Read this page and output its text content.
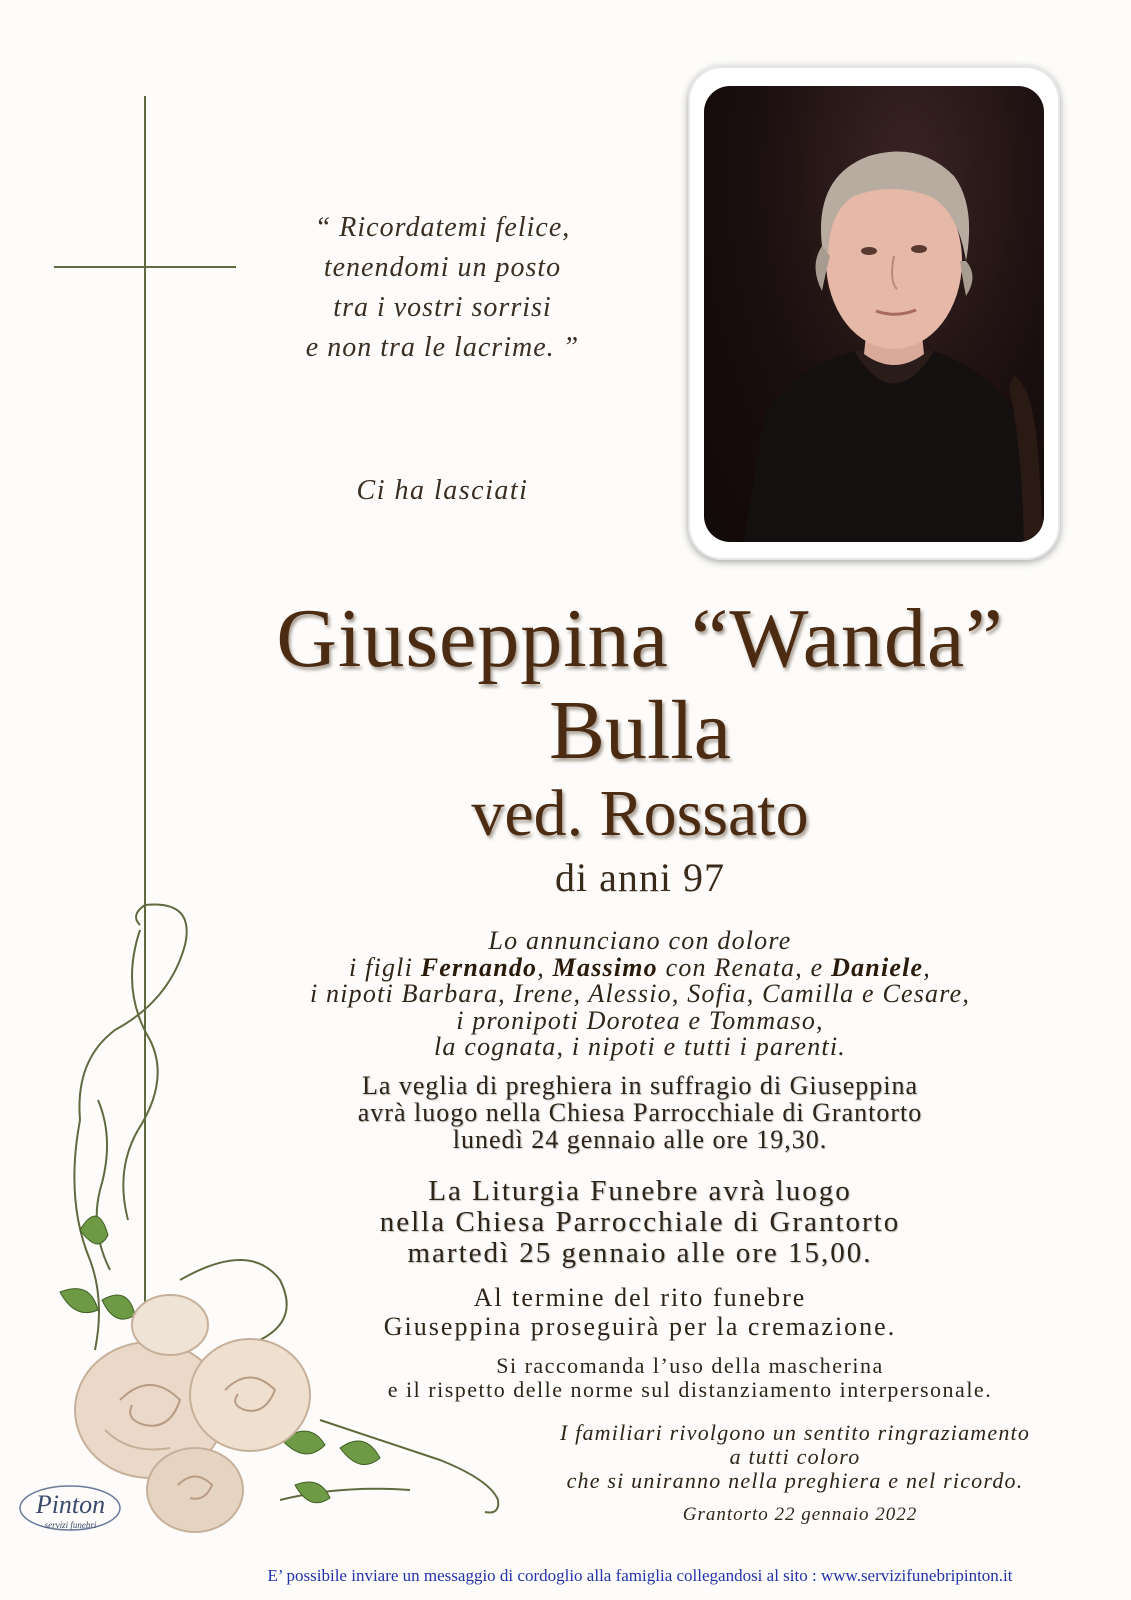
“ Ricordatemi felice,
tenendomi un posto
tra i vostri sorrisi
e non tra le lacrime. ”
Ci ha lasciati
Giuseppina “Wanda”
Bulla
ved. Rossato
di anni 97
Lo annunciano con dolore
i figli Fernando, Massimo con Renata, e Daniele,
i nipoti Barbara, Irene, Alessio, Sofia, Camilla e Cesare,
i pronipoti Dorotea e Tommaso,
la cognata, i nipoti e tutti i parenti.
La veglia di preghiera in suffragio di Giuseppina
avrà luogo nella Chiesa Parrocchiale di Grantorto
lunedì 24 gennaio alle ore 19,30.
La Liturgia Funebre avrà luogo
nella Chiesa Parrocchiale di Grantorto
martedì 25 gennaio alle ore 15,00.
Al termine del rito funebre
Giuseppina proseguirà per la cremazione.
Si raccomanda l’uso della mascherina
e il rispetto delle norme sul distanziamento interpersonale.
I familiari rivolgono un sentito ringraziamento
a tutti coloro
che si uniranno nella preghiera e nel ricordo.
Grantorto 22 gennaio 2022
Pinton
servizi funebri
E’ possibile inviare un messaggio di cordoglio alla famiglia collegandosi al sito : www.servizifunebripinton.it
